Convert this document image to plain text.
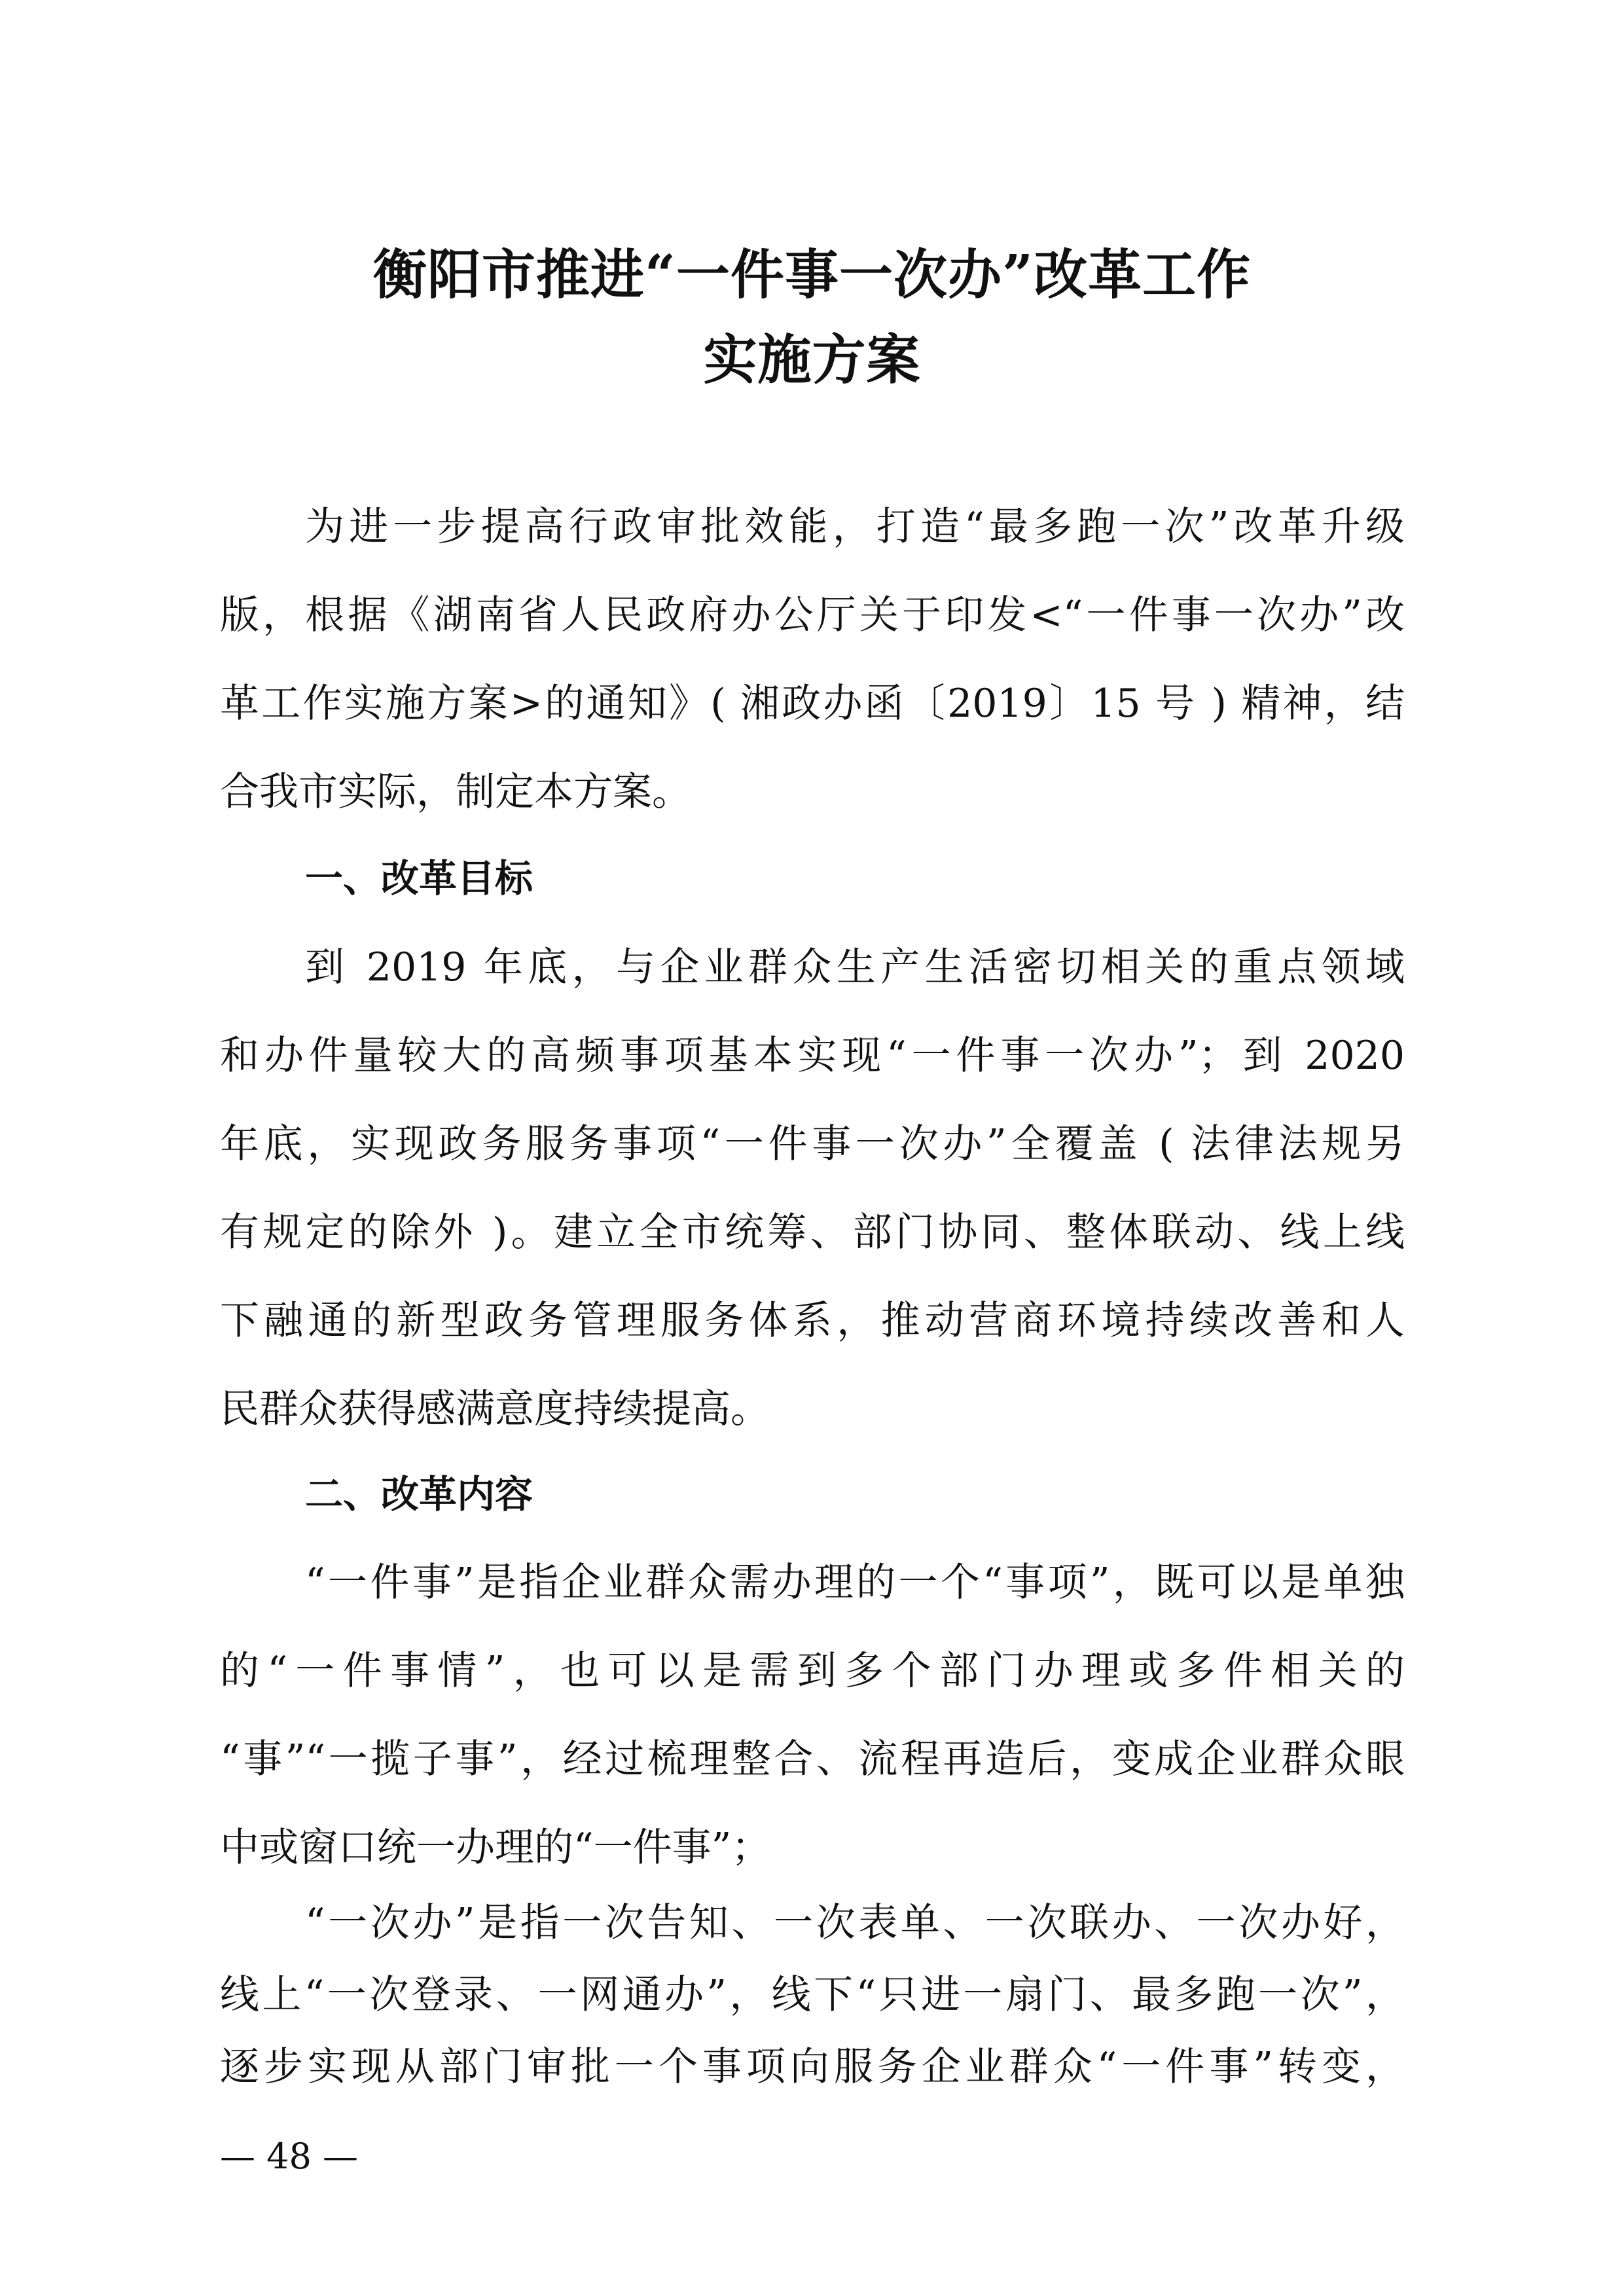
衡阳市推进“一件事一次办”改革工作
实施方案
为进一步提高行政审批效能，打造“最多跑一次”改革升级
版，根据《湖南省人民政府办公厅关于印发<“一件事一次办”改
革工作实施方案>的通知》( 湘政办函〔2019〕15 号 ) 精神，结
合我市实际，制定本方案。
一、改革目标
到 2019 年底，与企业群众生产生活密切相关的重点领域
和办件量较大的高频事项基本实现“一件事一次办”；到 2020
年底，实现政务服务事项“一件事一次办”全覆盖 ( 法律法规另
有规定的除外 )。建立全市统筹、部门协同、整体联动、线上线
下融通的新型政务管理服务体系，推动营商环境持续改善和人
民群众获得感满意度持续提高。
二、改革内容
“一件事”是指企业群众需办理的一个“事项”，既可以是单独
的“一件事情”，也可以是需到多个部门办理或多件相关的
“事”“一揽子事”，经过梳理整合、流程再造后，变成企业群众眼
中或窗口统一办理的“一件事”；
“一次办”是指一次告知、一次表单、一次联办、一次办好，
线上“一次登录、一网通办”，线下“只进一扇门、最多跑一次”，
逐步实现从部门审批一个事项向服务企业群众“一件事”转变，
— 48 —
